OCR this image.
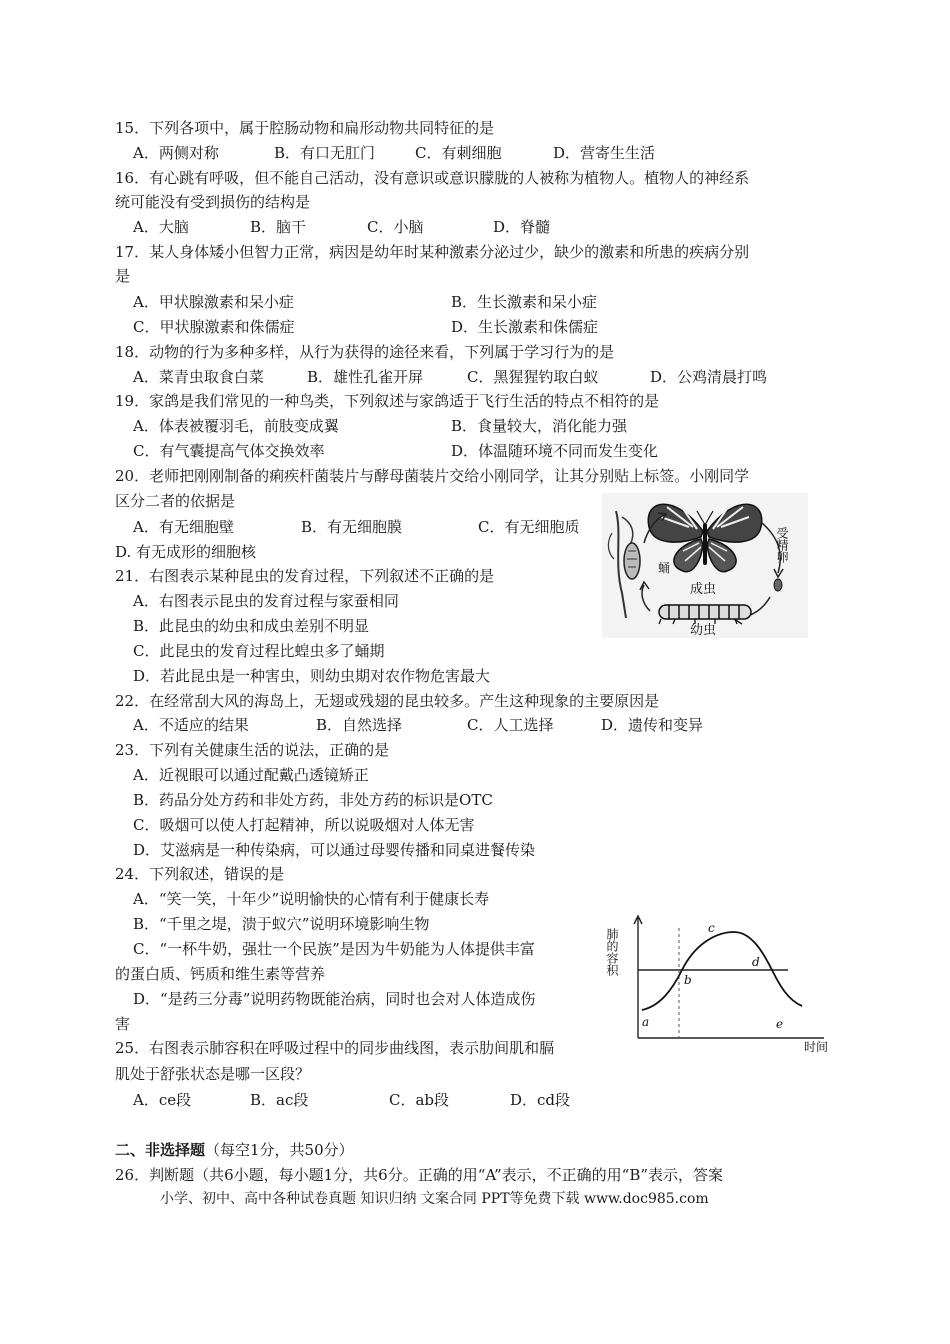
15．下列各项中，属于腔肠动物和扁形动物共同特征的是
A．两侧对称	B．有口无肛门	C．有刺细胞	D．营寄生生活
16．有心跳有呼吸，但不能自己活动，没有意识或意识朦胧的人被称为植物人。植物人的神经系
统可能没有受到损伤的结构是
A．大脑	B．脑干	C．小脑	D．脊髓
17．某人身体矮小但智力正常，病因是幼年时某种激素分泌过少，缺少的激素和所患的疾病分别
是
A．甲状腺激素和呆小症	B．生长激素和呆小症
C．甲状腺激素和侏儒症	D．生长激素和侏儒症
18．动物的行为多种多样，从行为获得的途径来看，下列属于学习行为的是
A．菜青虫取食白菜	B．雄性孔雀开屏	C．黑猩猩钓取白蚁	D．公鸡清晨打鸣
19．家鸽是我们常见的一种鸟类，下列叙述与家鸽适于飞行生活的特点不相符的是
A．体表被覆羽毛，前肢变成翼	B．食量较大，消化能力强
C．有气囊提高气体交换效率	D．体温随环境不同而发生变化
20．老师把刚刚制备的痢疾杆菌装片与酵母菌装片交给小刚同学，让其分别贴上标签。小刚同学
区分二者的依据是
A．有无细胞壁	B．有无细胞膜	C．有无细胞质
D. 有无成形的细胞核
21．右图表示某种昆虫的发育过程，下列叙述不正确的是
A．右图表示昆虫的发育过程与家蚕相同
B．此昆虫的幼虫和成虫差别不明显
C．此昆虫的发育过程比蝗虫多了蛹期
D．若此昆虫是一种害虫，则幼虫期对农作物危害最大
蛹
成虫
受精卵
幼虫
22．在经常刮大风的海岛上，无翅或残翅的昆虫较多。产生这种现象的主要原因是
A．不适应的结果	B．自然选择	C．人工选择	D．遗传和变异
23．下列有关健康生活的说法，正确的是
A．近视眼可以通过配戴凸透镜矫正
B．药品分处方药和非处方药，非处方药的标识是OTC
C．吸烟可以使人打起精神，所以说吸烟对人体无害
D．艾滋病是一种传染病，可以通过母婴传播和同桌进餐传染
24．下列叙述，错误的是
A．“笑一笑，十年少”说明愉快的心情有利于健康长寿
B．“千里之堤，溃于蚁穴”说明环境影响生物
C．“一杯牛奶，强壮一个民族”是因为牛奶能为人体提供丰富
的蛋白质、钙质和维生素等营养
D．“是药三分毒”说明药物既能治病，同时也会对人体造成伤
害
肺的容积
时间
a
b
c
d
e
25．右图表示肺容积在呼吸过程中的同步曲线图，表示肋间肌和膈
肌处于舒张状态是哪一区段？
A．ce段	B．ac段	C．ab段	D．cd段
二、非选择题（每空1分，共50分）
26．判断题（共6小题，每小题1分，共6分。正确的用“A”表示，不正确的用“B”表示，答案
小学、初中、高中各种试卷真题 知识归纳 文案合同 PPT等免费下载 www.doc985.com
